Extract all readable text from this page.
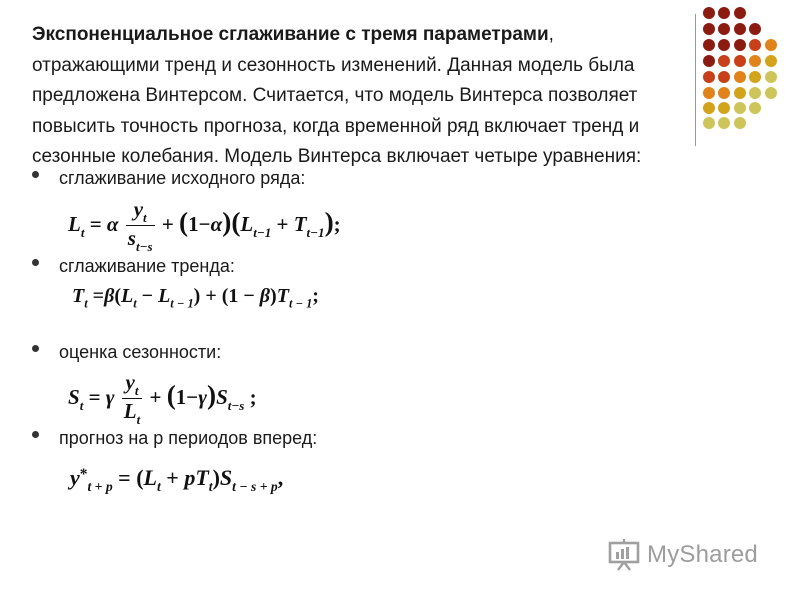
Экспоненциальное сглаживание с тремя параметрами,
отражающими тренд и сезонность изменений. Данная модель была
предложена Винтерсом. Считается, что модель Винтерса позволяет
повысить точность прогноза, когда временной ряд включает тренд и
сезонные колебания. Модель Винтерса включает четыре уравнения:
сглаживание исходного ряда:
$L_t = \alpha \frac{y_t}{s_{t-s}} + (1-\alpha)(L_{t-1} + T_{t-1})$;
сглаживание тренда:
$T_t =\beta(L_t - L_{t - 1}) + (1 - \beta)T_{t - 1}$;
оценка сезонности:
$S_t = \gamma \frac{y_t}{L_t} + (1-\gamma)S_{t-s}$ ;
прогноз на p периодов вперед:
$y^*_{t + p} = (L_t + pT_t)S_{t - s + p}$,
MyShared
